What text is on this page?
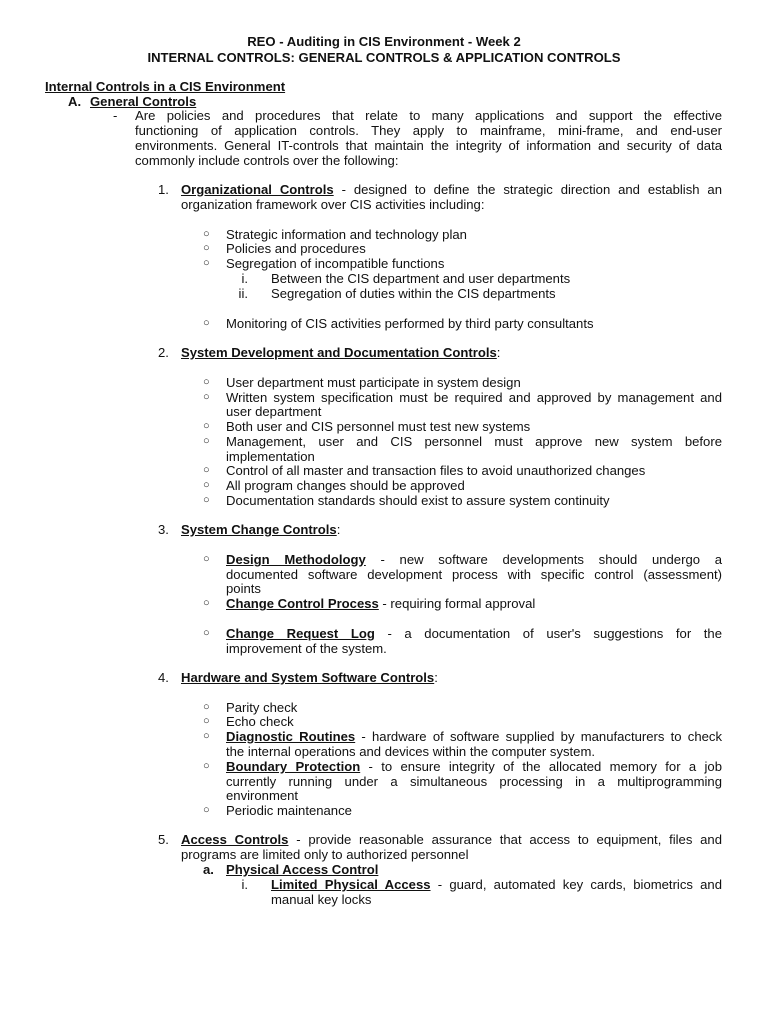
REO - Auditing in CIS Environment - Week 2
INTERNAL CONTROLS: GENERAL CONTROLS & APPLICATION CONTROLS
Internal Controls in a CIS Environment
A. General Controls
- Are policies and procedures that relate to many applications and support the effective
functioning of application controls. They apply to mainframe, mini-frame, and end-user
environments. General IT-controls that maintain the integrity of information and security of data
commonly include controls over the following:
1. Organizational Controls - designed to define the strategic direction and establish an
organization framework over CIS activities including:
○ Strategic information and technology plan
○ Policies and procedures
○ Segregation of incompatible functions
i. Between the CIS department and user departments
ii. Segregation of duties within the CIS departments
○ Monitoring of CIS activities performed by third party consultants
2. System Development and Documentation Controls:
○ User department must participate in system design
○ Written system specification must be required and approved by management and
user department
○ Both user and CIS personnel must test new systems
○ Management, user and CIS personnel must approve new system before
implementation
○ Control of all master and transaction files to avoid unauthorized changes
○ All program changes should be approved
○ Documentation standards should exist to assure system continuity
3. System Change Controls:
○ Design Methodology - new software developments should undergo a
documented software development process with specific control (assessment)
points
○ Change Control Process - requiring formal approval
○ Change Request Log - a documentation of user's suggestions for the
improvement of the system.
4. Hardware and System Software Controls:
○ Parity check
○ Echo check
○ Diagnostic Routines - hardware of software supplied by manufacturers to check
the internal operations and devices within the computer system.
○ Boundary Protection - to ensure integrity of the allocated memory for a job
currently running under a simultaneous processing in a multiprogramming
environment
○ Periodic maintenance
5. Access Controls - provide reasonable assurance that access to equipment, files and
programs are limited only to authorized personnel
a. Physical Access Control
i. Limited Physical Access - guard, automated key cards, biometrics and
manual key locks
